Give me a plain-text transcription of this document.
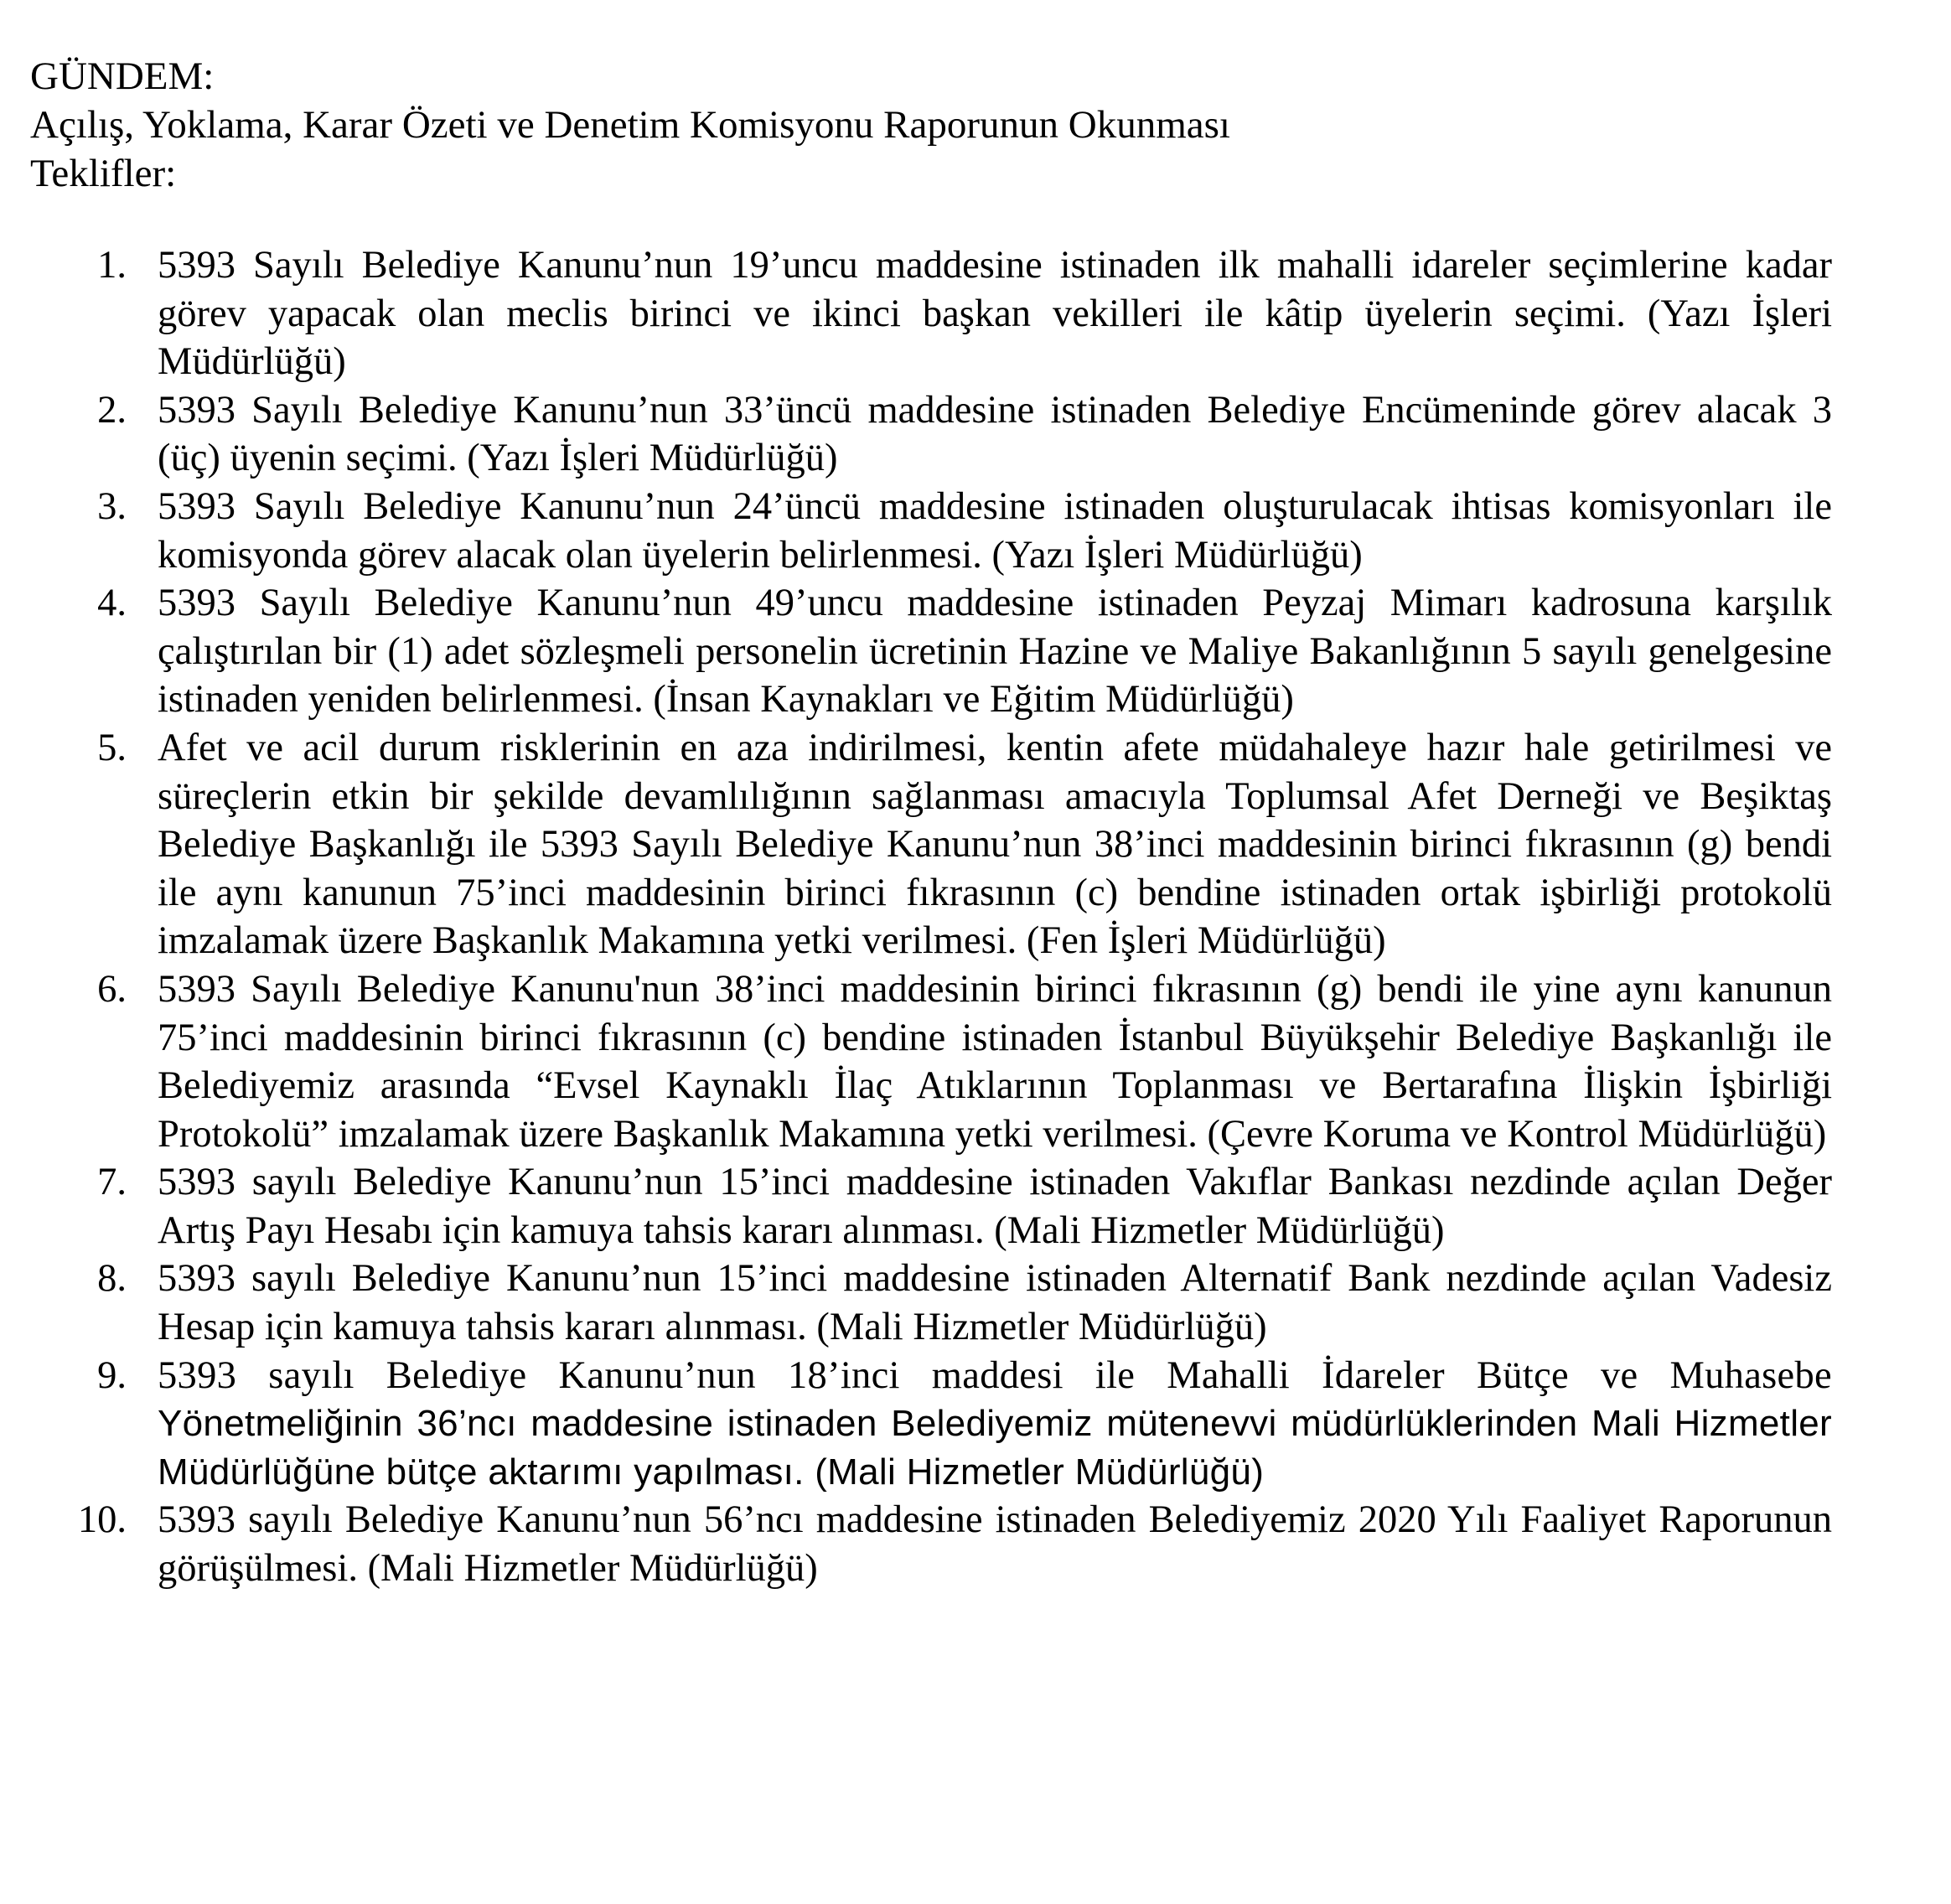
GÜNDEM:

Açılış, Yoklama, Karar Özeti ve Denetim Komisyonu Raporunun Okunması

Teklifler:

1. 5393 Sayılı Belediye Kanunu’nun 19’uncu maddesine istinaden ilk mahalli idareler seçimlerine kadar görev yapacak olan meclis birinci ve ikinci başkan vekilleri ile kâtip üyelerin seçimi. (Yazı İşleri Müdürlüğü)
2. 5393 Sayılı Belediye Kanunu’nun 33’üncü maddesine istinaden Belediye Encümeninde görev alacak 3 (üç) üyenin seçimi. (Yazı İşleri Müdürlüğü)
3. 5393 Sayılı Belediye Kanunu’nun 24’üncü maddesine istinaden oluşturulacak ihtisas komisyonları ile komisyonda görev alacak olan üyelerin belirlenmesi. (Yazı İşleri Müdürlüğü)
4. 5393 Sayılı Belediye Kanunu’nun 49’uncu maddesine istinaden Peyzaj Mimarı kadrosuna karşılık çalıştırılan bir (1) adet sözleşmeli personelin ücretinin Hazine ve Maliye Bakanlığının 5 sayılı genelgesine istinaden yeniden belirlenmesi. (İnsan Kaynakları ve Eğitim Müdürlüğü)
5. Afet ve acil durum risklerinin en aza indirilmesi, kentin afete müdahaleye hazır hale getirilmesi ve süreçlerin etkin bir şekilde devamlılığının sağlanması amacıyla Toplumsal Afet Derneği ve Beşiktaş Belediye Başkanlığı ile 5393 Sayılı Belediye Kanunu’nun 38’inci maddesinin birinci fıkrasının (g) bendi ile aynı kanunun 75’inci maddesinin birinci fıkrasının (c) bendine istinaden ortak işbirliği protokolü imzalamak üzere Başkanlık Makamına yetki verilmesi. (Fen İşleri Müdürlüğü)
6. 5393 Sayılı Belediye Kanunu'nun 38’inci maddesinin birinci fıkrasının (g) bendi ile yine aynı kanunun 75’inci maddesinin birinci fıkrasının (c) bendine istinaden İstanbul Büyükşehir Belediye Başkanlığı ile Belediyemiz arasında “Evsel Kaynaklı İlaç Atıklarının Toplanması ve Bertarafına İlişkin İşbirliği Protokolü” imzalamak üzere Başkanlık Makamına yetki verilmesi. (Çevre Koruma ve Kontrol Müdürlüğü)
7. 5393 sayılı Belediye Kanunu’nun 15’inci maddesine istinaden Vakıflar Bankası nezdinde açılan Değer Artış Payı Hesabı için kamuya tahsis kararı alınması. (Mali Hizmetler Müdürlüğü)
8. 5393 sayılı Belediye Kanunu’nun 15’inci maddesine istinaden Alternatif Bank nezdinde açılan Vadesiz Hesap için kamuya tahsis kararı alınması. (Mali Hizmetler Müdürlüğü)
9. 5393 sayılı Belediye Kanunu’nun 18’inci maddesi ile Mahalli İdareler Bütçe ve Muhasebe Yönetmeliğinin 36’ncı maddesine istinaden Belediyemiz mütenevvi müdürlüklerinden Mali Hizmetler Müdürlüğüne bütçe aktarımı yapılması. (Mali Hizmetler Müdürlüğü)
10. 5393 sayılı Belediye Kanunu’nun 56’ncı maddesine istinaden Belediyemiz 2020 Yılı Faaliyet Raporunun görüşülmesi. (Mali Hizmetler Müdürlüğü)
